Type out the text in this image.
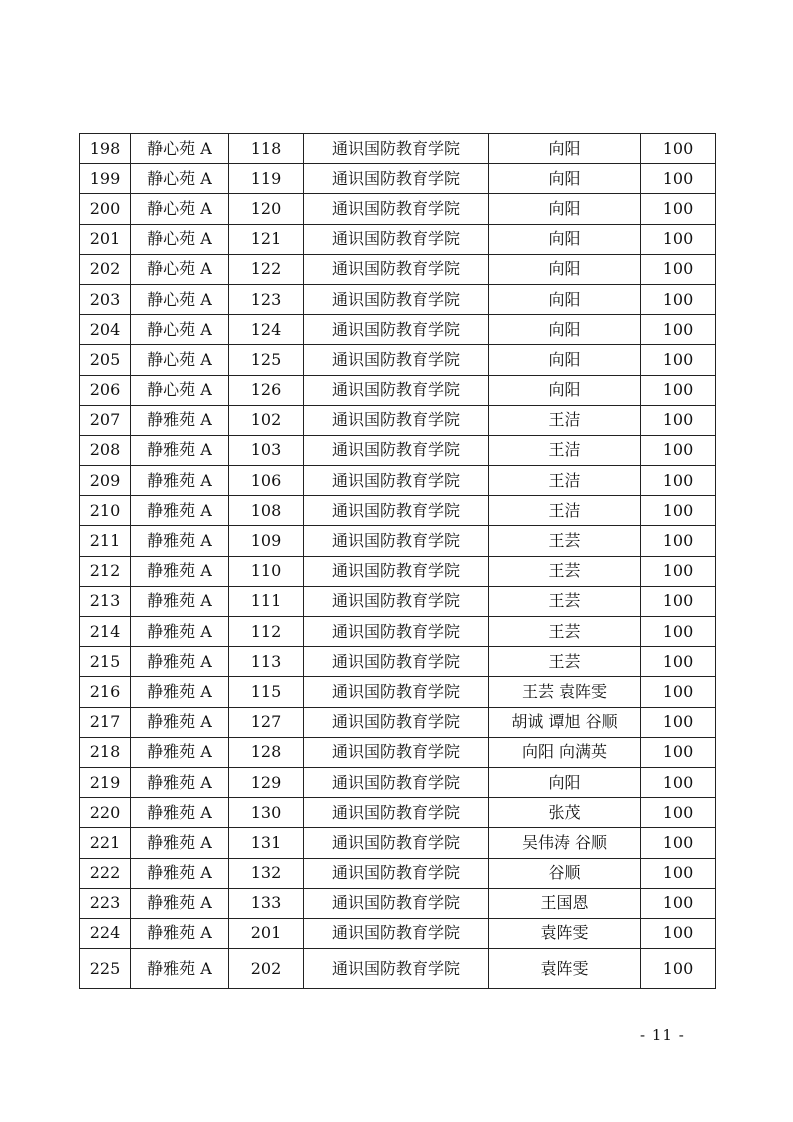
198	静心苑 A	118	通识国防教育学院	向阳	100
199	静心苑 A	119	通识国防教育学院	向阳	100
200	静心苑 A	120	通识国防教育学院	向阳	100
201	静心苑 A	121	通识国防教育学院	向阳	100
202	静心苑 A	122	通识国防教育学院	向阳	100
203	静心苑 A	123	通识国防教育学院	向阳	100
204	静心苑 A	124	通识国防教育学院	向阳	100
205	静心苑 A	125	通识国防教育学院	向阳	100
206	静心苑 A	126	通识国防教育学院	向阳	100
207	静雅苑 A	102	通识国防教育学院	王洁	100
208	静雅苑 A	103	通识国防教育学院	王洁	100
209	静雅苑 A	106	通识国防教育学院	王洁	100
210	静雅苑 A	108	通识国防教育学院	王洁	100
211	静雅苑 A	109	通识国防教育学院	王芸	100
212	静雅苑 A	110	通识国防教育学院	王芸	100
213	静雅苑 A	111	通识国防教育学院	王芸	100
214	静雅苑 A	112	通识国防教育学院	王芸	100
215	静雅苑 A	113	通识国防教育学院	王芸	100
216	静雅苑 A	115	通识国防教育学院	王芸 袁阵雯	100
217	静雅苑 A	127	通识国防教育学院	胡诚 谭旭 谷顺	100
218	静雅苑 A	128	通识国防教育学院	向阳 向满英	100
219	静雅苑 A	129	通识国防教育学院	向阳	100
220	静雅苑 A	130	通识国防教育学院	张茂	100
221	静雅苑 A	131	通识国防教育学院	吴伟涛 谷顺	100
222	静雅苑 A	132	通识国防教育学院	谷顺	100
223	静雅苑 A	133	通识国防教育学院	王国恩	100
224	静雅苑 A	201	通识国防教育学院	袁阵雯	100
225	静雅苑 A	202	通识国防教育学院	袁阵雯	100
- 11 -
